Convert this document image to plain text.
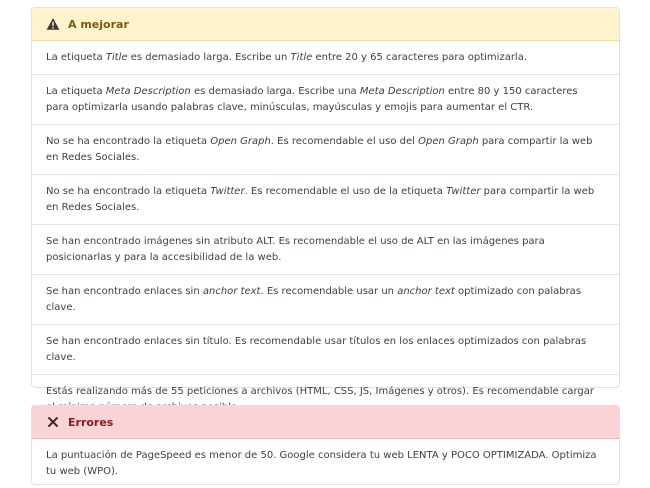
A mejorar
La etiqueta Title es demasiado larga. Escribe un Title entre 20 y 65 caracteres para optimizarla.
La etiqueta Meta Description es demasiado larga. Escribe una Meta Description entre 80 y 150 caracteres para optimizarla usando palabras clave, minúsculas, mayúsculas y emojis para aumentar el CTR.
No se ha encontrado la etiqueta Open Graph. Es recomendable el uso del Open Graph para compartir la web en Redes Sociales.
No se ha encontrado la etiqueta Twitter. Es recomendable el uso de la etiqueta Twitter para compartir la web en Redes Sociales.
Se han encontrado imágenes sin atributo ALT. Es recomendable el uso de ALT en las imágenes para posicionarlas y para la accesibilidad de la web.
Se han encontrado enlaces sin anchor text. Es recomendable usar un anchor text optimizado con palabras clave.
Se han encontrado enlaces sin título. Es recomendable usar títulos en los enlaces optimizados con palabras clave.
Estás realizando más de 55 peticiones a archivos (HTML, CSS, JS, Imágenes y otros). Es recomendable cargar
Errores
La puntuación de PageSpeed es menor de 50. Google considera tu web LENTA y POCO OPTIMIZADA. Optimiza tu web (WPO).
